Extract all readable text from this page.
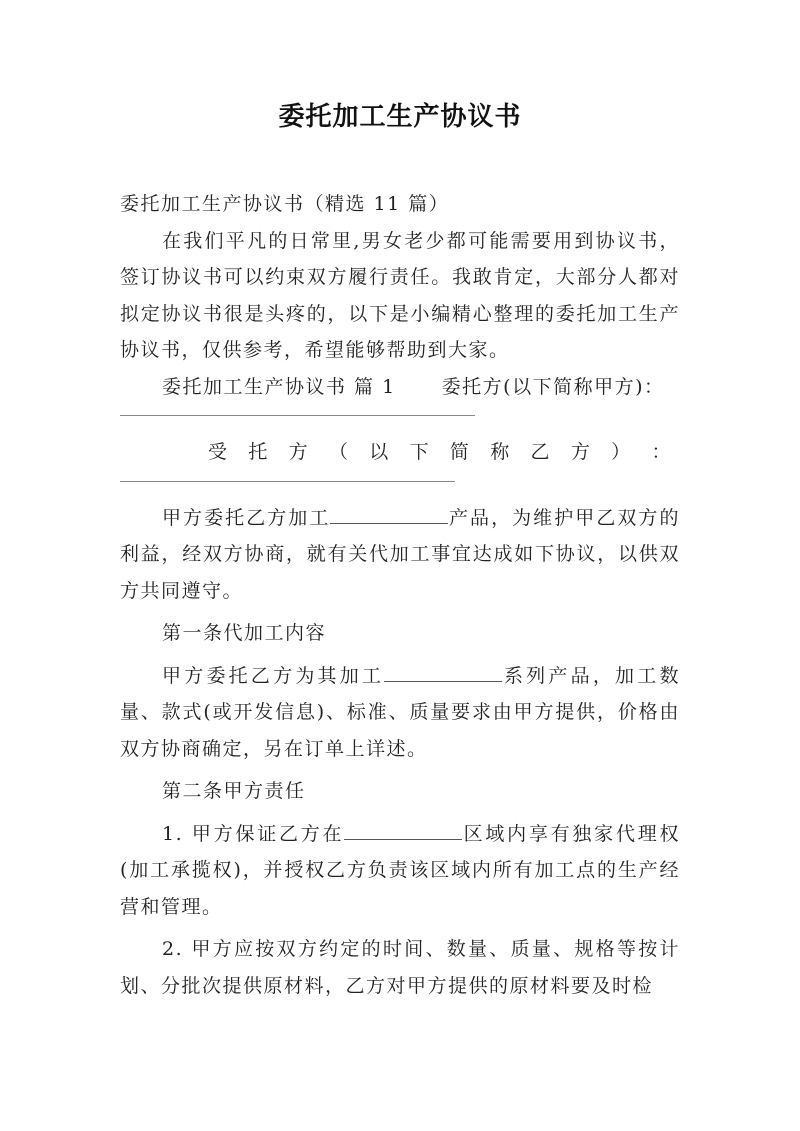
委托加工生产协议书

委托加工生产协议书（精选 11 篇）

在我们平凡的日常里,男女老少都可能需要用到协议书，签订协议书可以约束双方履行责任。我敢肯定，大部分人都对拟定协议书很是头疼的，以下是小编精心整理的委托加工生产协议书，仅供参考，希望能够帮助到大家。

委托加工生产协议书 篇 1 委托方(以下简称甲方)：

受 托 方 （ 以 下 简 称 乙 方 ） ：

甲方委托乙方加工	产品，为维护甲乙双方的利益，经双方协商，就有关代加工事宜达成如下协议，以供双方共同遵守。

第一条代加工内容

甲方委托乙方为其加工	系列产品，加工数量、款式(或开发信息)、标准、质量要求由甲方提供，价格由双方协商确定，另在订单上详述。

第二条甲方责任

1. 甲方保证乙方在	区域内享有独家代理权(加工承揽权)，并授权乙方负责该区域内所有加工点的生产经营和管理。

2. 甲方应按双方约定的时间、数量、质量、规格等按计划、分批次提供原材料，乙方对甲方提供的原材料要及时检
